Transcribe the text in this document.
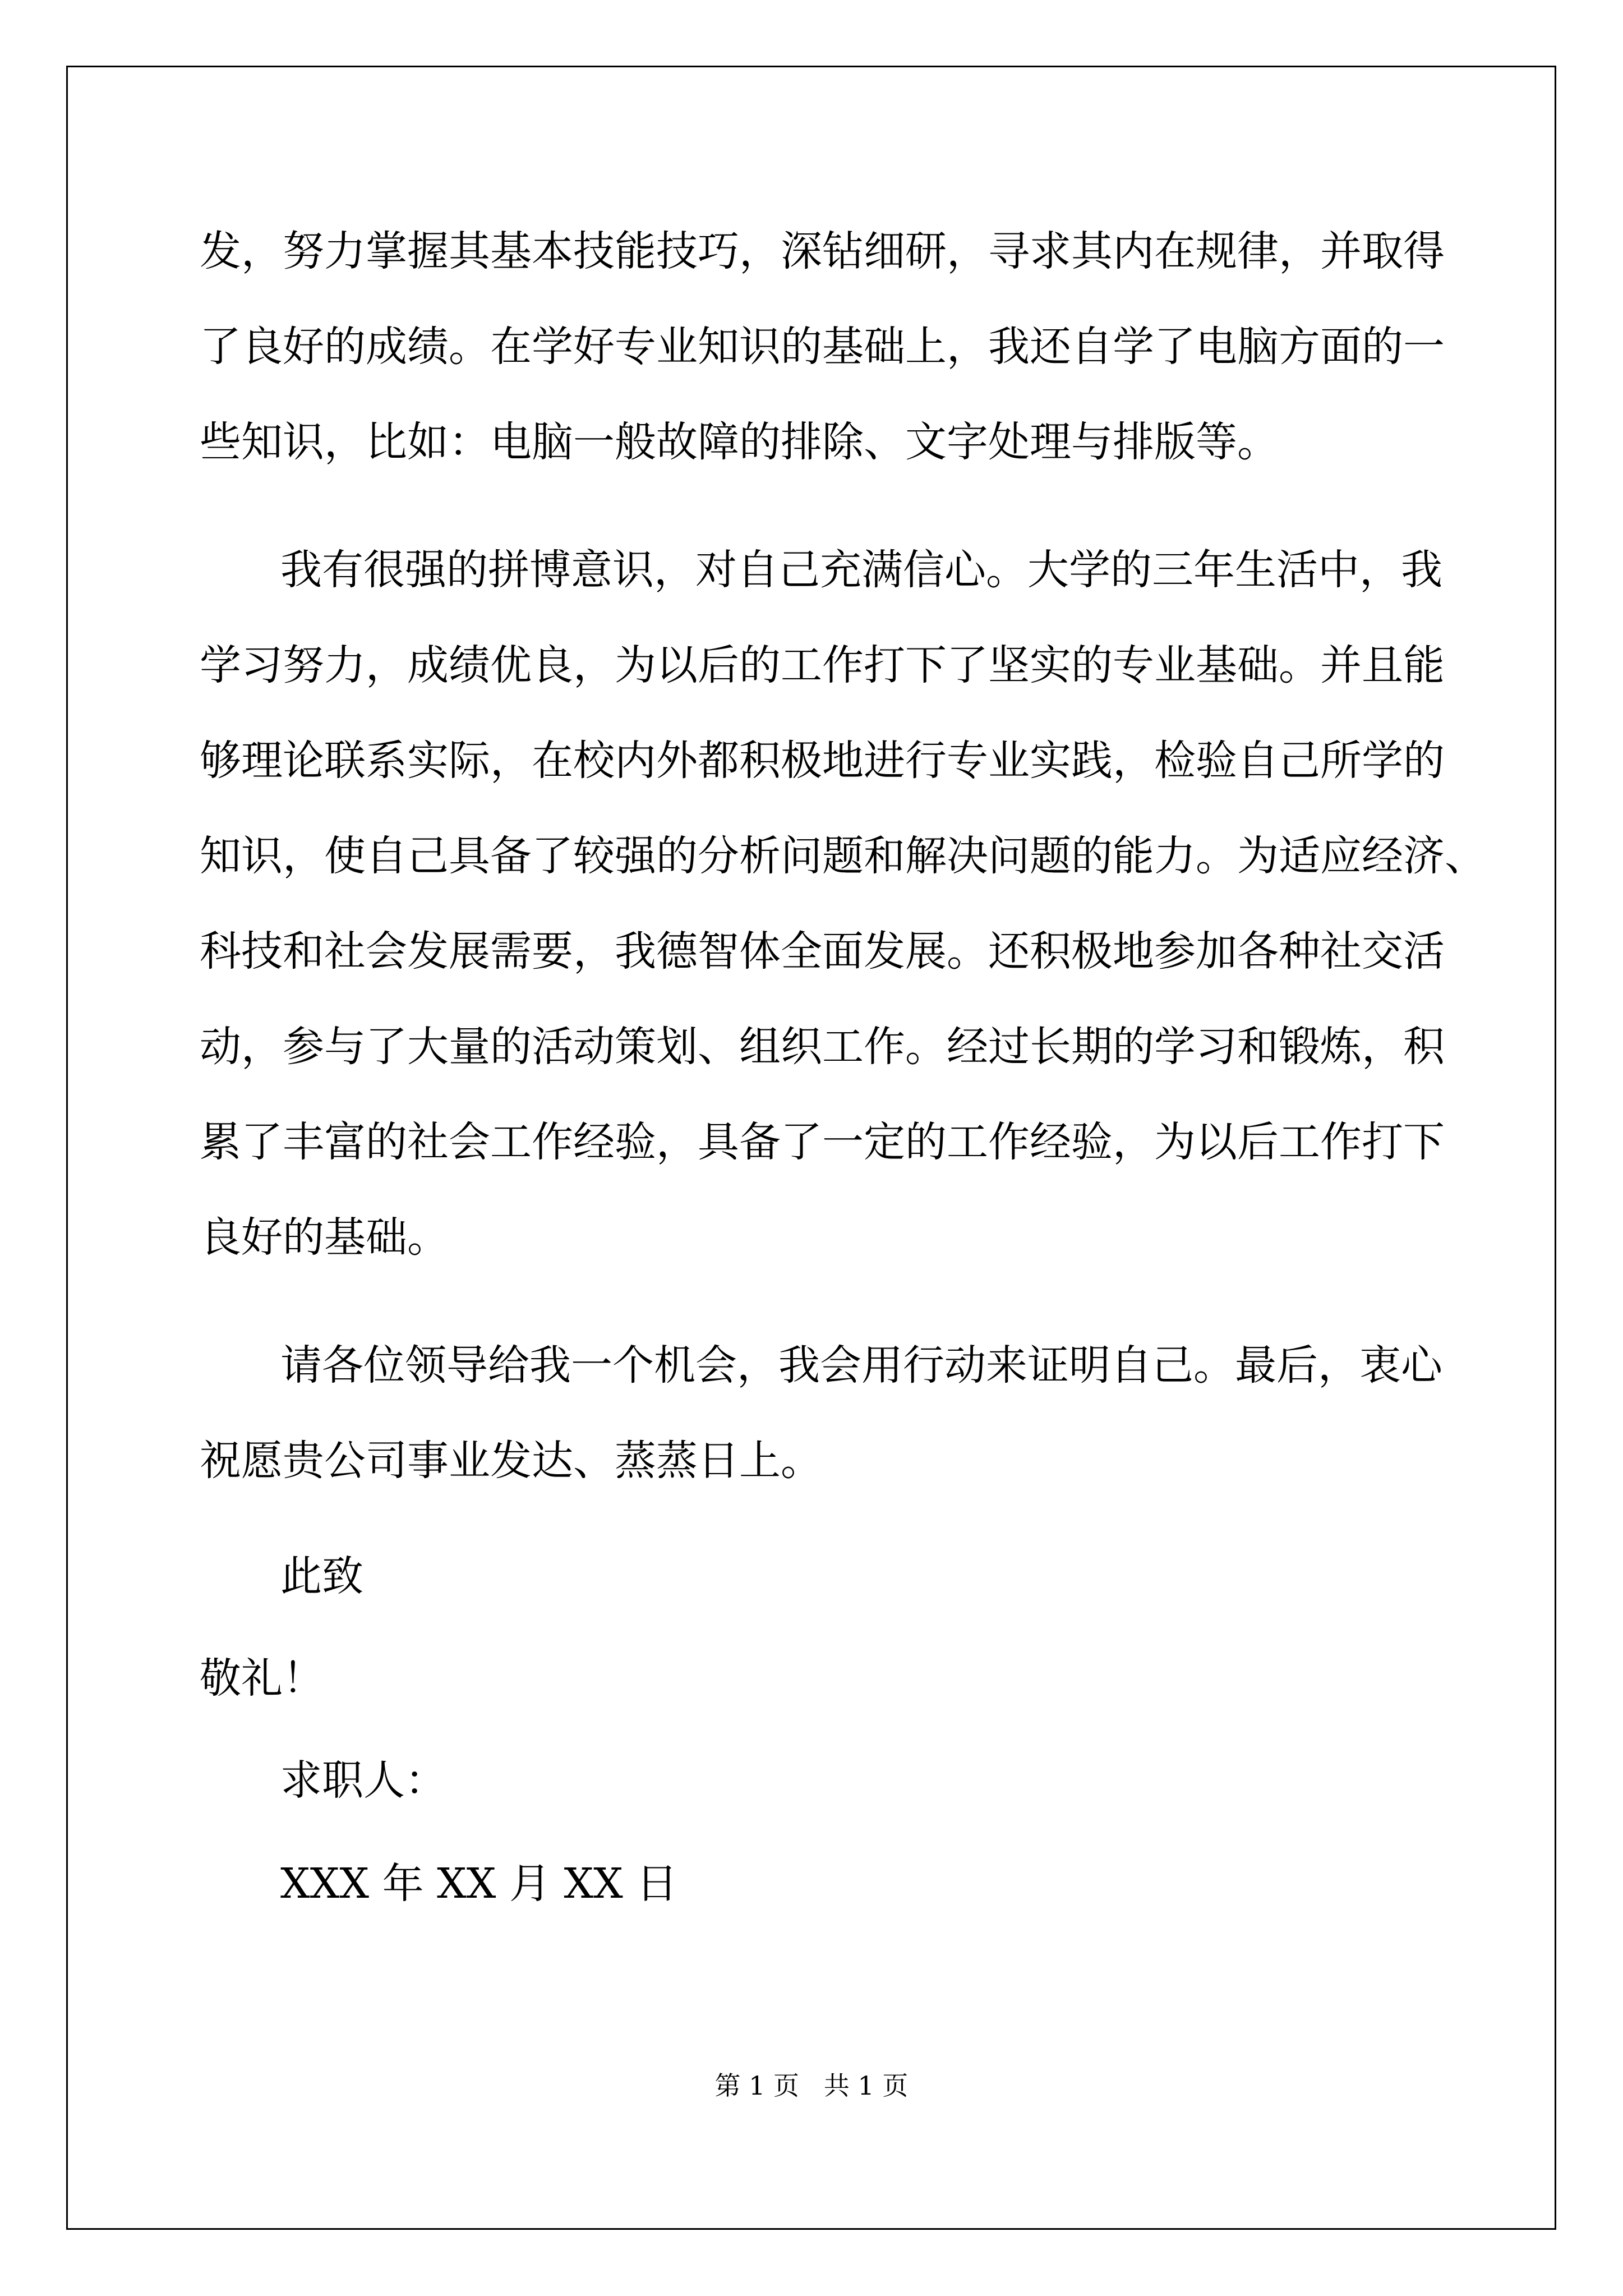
发，努力掌握其基本技能技巧，深钻细研，寻求其内在规律，并取得
了良好的成绩。在学好专业知识的基础上，我还自学了电脑方面的一
些知识，比如：电脑一般故障的排除、文字处理与排版等。
我有很强的拼博意识，对自己充满信心。大学的三年生活中，我
学习努力，成绩优良，为以后的工作打下了坚实的专业基础。并且能
够理论联系实际，在校内外都积极地进行专业实践，检验自己所学的
知识，使自己具备了较强的分析问题和解决问题的能力。为适应经济、
科技和社会发展需要，我德智体全面发展。还积极地参加各种社交活
动，参与了大量的活动策划、组织工作。经过长期的学习和锻炼，积
累了丰富的社会工作经验，具备了一定的工作经验，为以后工作打下
良好的基础。
请各位领导给我一个机会，我会用行动来证明自己。最后，衷心
祝愿贵公司事业发达、蒸蒸日上。
此致
敬礼！
求职人：
XXX 年 XX 月 XX 日
第 1 页   共 1 页
